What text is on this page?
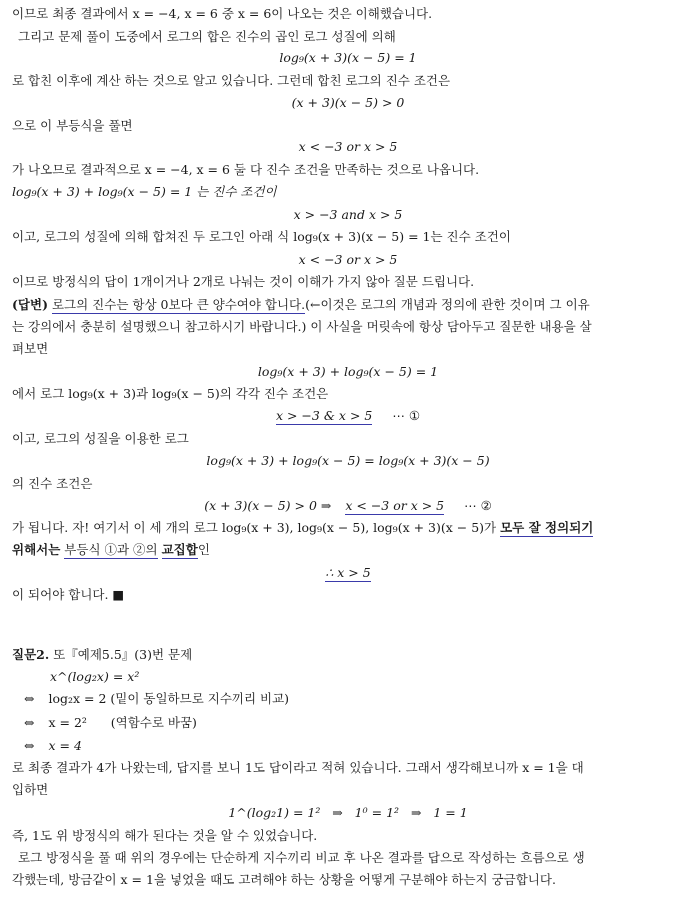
이므로 최종 결과에서 x = −4, x = 6 중 x = 6이 나오는 것은 이해했습니다.
그리고 문제 풀이 도중에서 로그의 합은 진수의 곱인 로그 성질에 의해
log₉(x + 3)(x − 5) = 1
로 합친 이후에 계산 하는 것으로 알고 있습니다. 그런데 합친 로그의 진수 조건은
(x + 3)(x − 5) > 0
으로 이 부등식을 풀면
x < −3 or x > 5
가 나오므로 결과적으로 x = −4, x = 6 둘 다 진수 조건을 만족하는 것으로 나옵니다.
log₉(x + 3) + log₉(x − 5) = 1 는 진수 조건이
x > −3 and x > 5
이고, 로그의 성질에 의해 합쳐진 두 로그인 아래 식 log₉(x + 3)(x − 5) = 1는 진수 조건이
x < −3 or x > 5
이므로 방정식의 답이 1개이거나 2개로 나눠는 것이 이해가 가지 않아 질문 드립니다.
(답변) 로그의 진수는 항상 0보다 큰 양수여야 합니다.(←이것은 로그의 개념과 정의에 관한 것이며 그 이유
는 강의에서 충분히 설명했으니 참고하시기 바랍니다.) 이 사실을 머릿속에 항상 담아두고 질문한 내용을 살
펴보면
log₉(x + 3) + log₉(x − 5) = 1
에서 로그 log₉(x + 3)과 log₉(x − 5)의 각각 진수 조건은
x > −3 & x > 5 ⋯ ①
이고, 로그의 성질을 이용한 로그
log₉(x + 3) + log₉(x − 5) = log₉(x + 3)(x − 5)
의 진수 조건은
(x + 3)(x − 5) > 0 ⇒ x < −3 or x > 5 ⋯ ②
가 됩니다. 자! 여기서 이 세 개의 로그 log₉(x + 3), log₉(x − 5), log₉(x + 3)(x − 5)가 모두 잘 정의되기
위해서는 부등식 ①과 ②의 교집합인
∴ x > 5
이 되어야 합니다. ■
질문2. 또『예제5.5』(3)번 문제
x^(log₂x) = x²
⇔ log₂x = 2 (밑이 동일하므로 지수끼리 비교)
⇔ x = 2²      (역함수로 바꿈)
⇔ x = 4
로 최종 결과가 4가 나왔는데, 답지를 보니 1도 답이라고 적혀 있습니다. 그래서 생각해보니까 x = 1을 대
입하면
1^(log₂1) = 1²   ⇒   1⁰ = 1²   ⇒   1 = 1
즉, 1도 위 방정식의 해가 된다는 것을 알 수 있었습니다.
로그 방정식을 풀 때 위의 경우에는 단순하게 지수끼리 비교 후 나온 결과를 답으로 작성하는 흐름으로 생
각했는데, 방금같이 x = 1을 넣었을 때도 고려해야 하는 상황을 어떻게 구분해야 하는지 궁금합니다.
